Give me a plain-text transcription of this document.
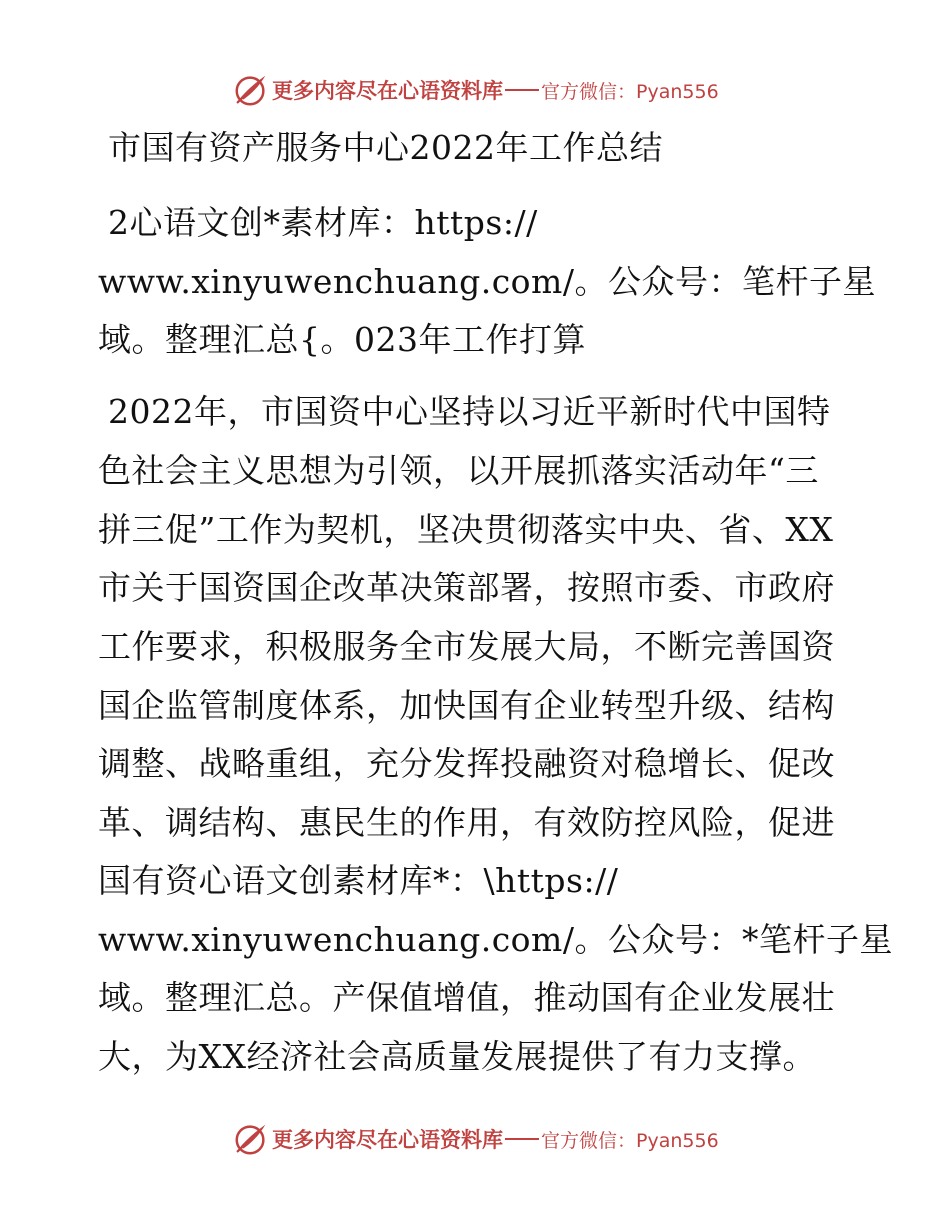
更多内容尽在心语资料库 官方微信：Pyan556
市国有资产服务中心2022年工作总结
2心语文创*素材库：https://
www.xinyuwenchuang.com/。公众号：笔杆子星
域。整理汇总{。023年工作打算
2022年，市国资中心坚持以习近平新时代中国特
色社会主义思想为引领，以开展抓落实活动年“三
拼三促”工作为契机，坚决贯彻落实中央、省、XX
市关于国资国企改革决策部署，按照市委、市政府
工作要求，积极服务全市发展大局，不断完善国资
国企监管制度体系，加快国有企业转型升级、结构
调整、战略重组，充分发挥投融资对稳增长、促改
革、调结构、惠民生的作用，有效防控风险，促进
国有资心语文创素材库*：\https://
www.xinyuwenchuang.com/。公众号：*笔杆子星
域。整理汇总。产保值增值，推动国有企业发展壮
大，为XX经济社会高质量发展提供了有力支撑。
更多内容尽在心语资料库 官方微信：Pyan556
